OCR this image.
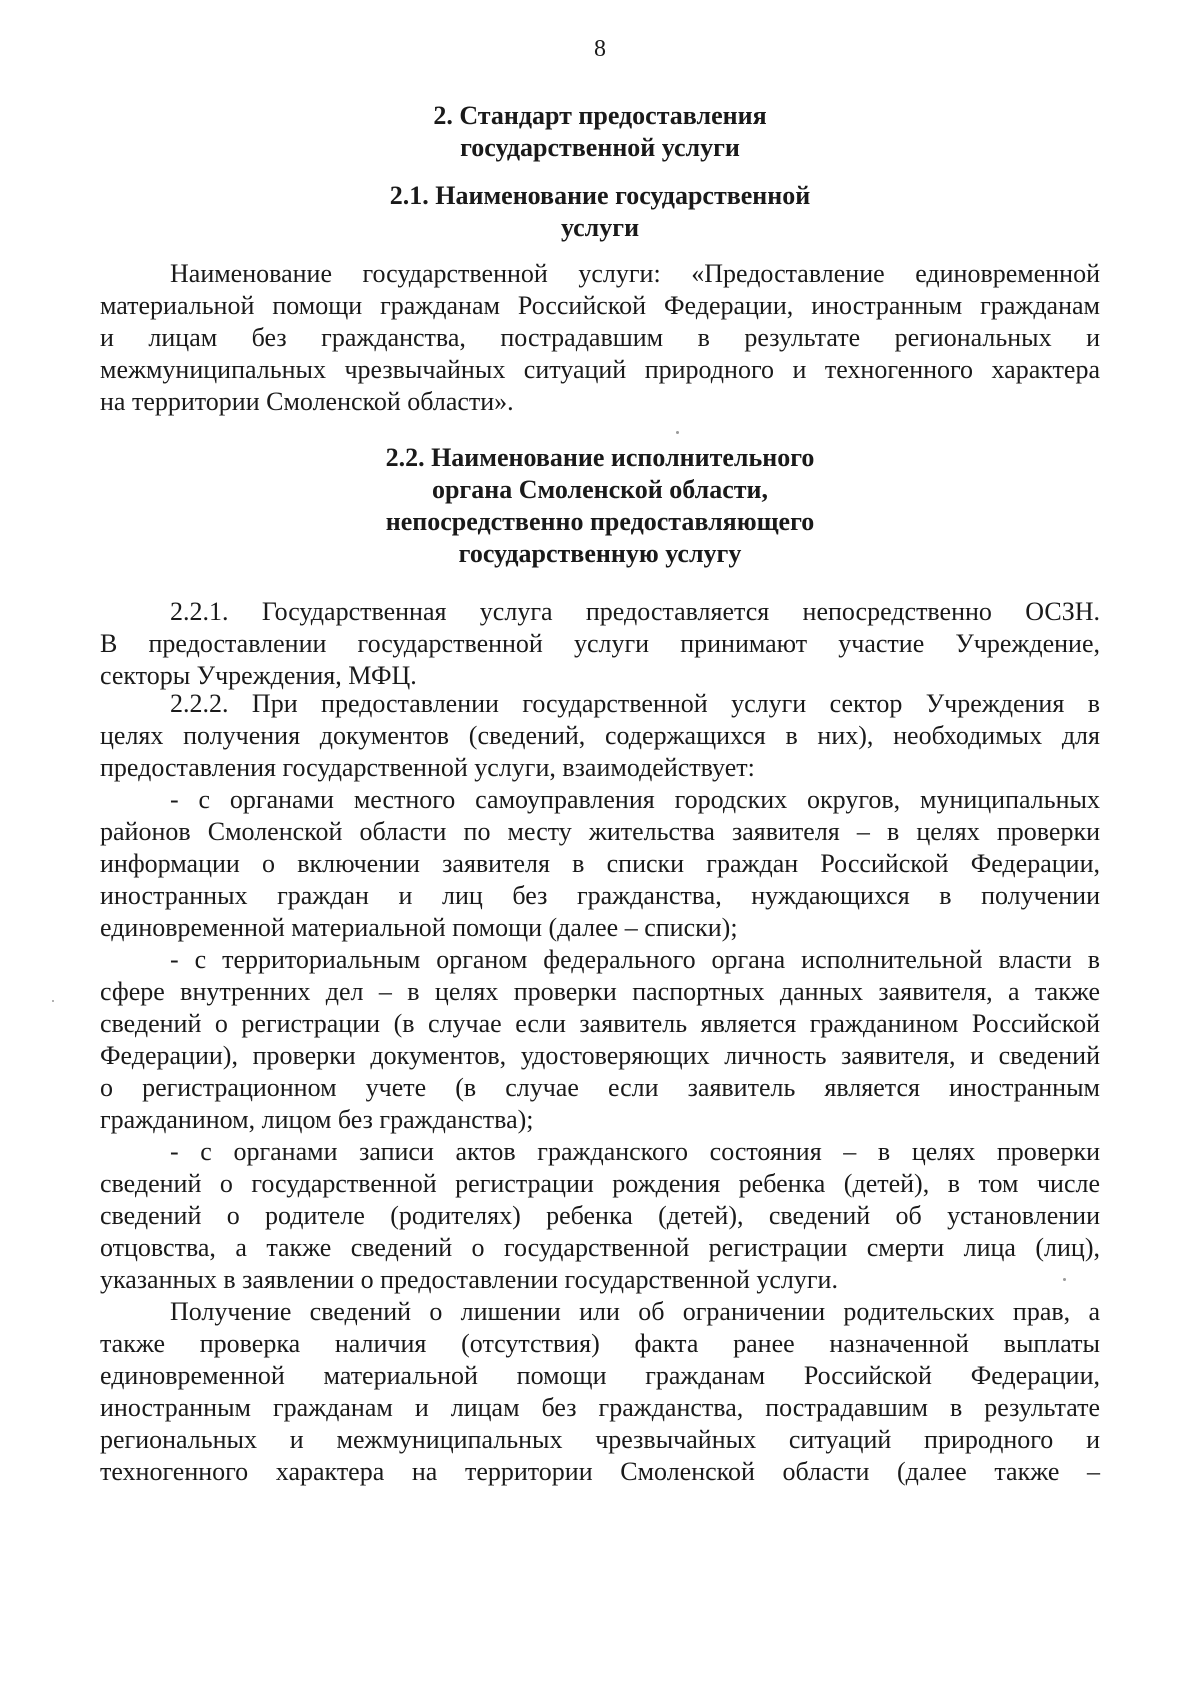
8
2. Стандарт предоставления
государственной услуги
2.1. Наименование государственной
услуги
Наименование государственной услуги: «Предоставление единовременной
материальной помощи гражданам Российской Федерации, иностранным гражданам
и лицам без гражданства, пострадавшим в результате региональных и
межмуниципальных чрезвычайных ситуаций природного и техногенного характера
на территории Смоленской области».
2.2. Наименование исполнительного
органа Смоленской области,
непосредственно предоставляющего
государственную услугу
2.2.1. Государственная услуга предоставляется непосредственно ОСЗН.
В предоставлении государственной услуги принимают участие Учреждение,
секторы Учреждения, МФЦ.
2.2.2. При предоставлении государственной услуги сектор Учреждения в
целях получения документов (сведений, содержащихся в них), необходимых для
предоставления государственной услуги, взаимодействует:
- с органами местного самоуправления городских округов, муниципальных
районов Смоленской области по месту жительства заявителя – в целях проверки
информации о включении заявителя в списки граждан Российской Федерации,
иностранных граждан и лиц без гражданства, нуждающихся в получении
единовременной материальной помощи (далее – списки);
- с территориальным органом федерального органа исполнительной власти в
сфере внутренних дел – в целях проверки паспортных данных заявителя, а также
сведений о регистрации (в случае если заявитель является гражданином Российской
Федерации), проверки документов, удостоверяющих личность заявителя, и сведений
о регистрационном учете (в случае если заявитель является иностранным
гражданином, лицом без гражданства);
- с органами записи актов гражданского состояния – в целях проверки
сведений о государственной регистрации рождения ребенка (детей), в том числе
сведений о родителе (родителях) ребенка (детей), сведений об установлении
отцовства, а также сведений о государственной регистрации смерти лица (лиц),
указанных в заявлении о предоставлении государственной услуги.
Получение сведений о лишении или об ограничении родительских прав, а
также проверка наличия (отсутствия) факта ранее назначенной выплаты
единовременной материальной помощи гражданам Российской Федерации,
иностранным гражданам и лицам без гражданства, пострадавшим в результате
региональных и межмуниципальных чрезвычайных ситуаций природного и
техногенного характера на территории Смоленской области (далее также –
